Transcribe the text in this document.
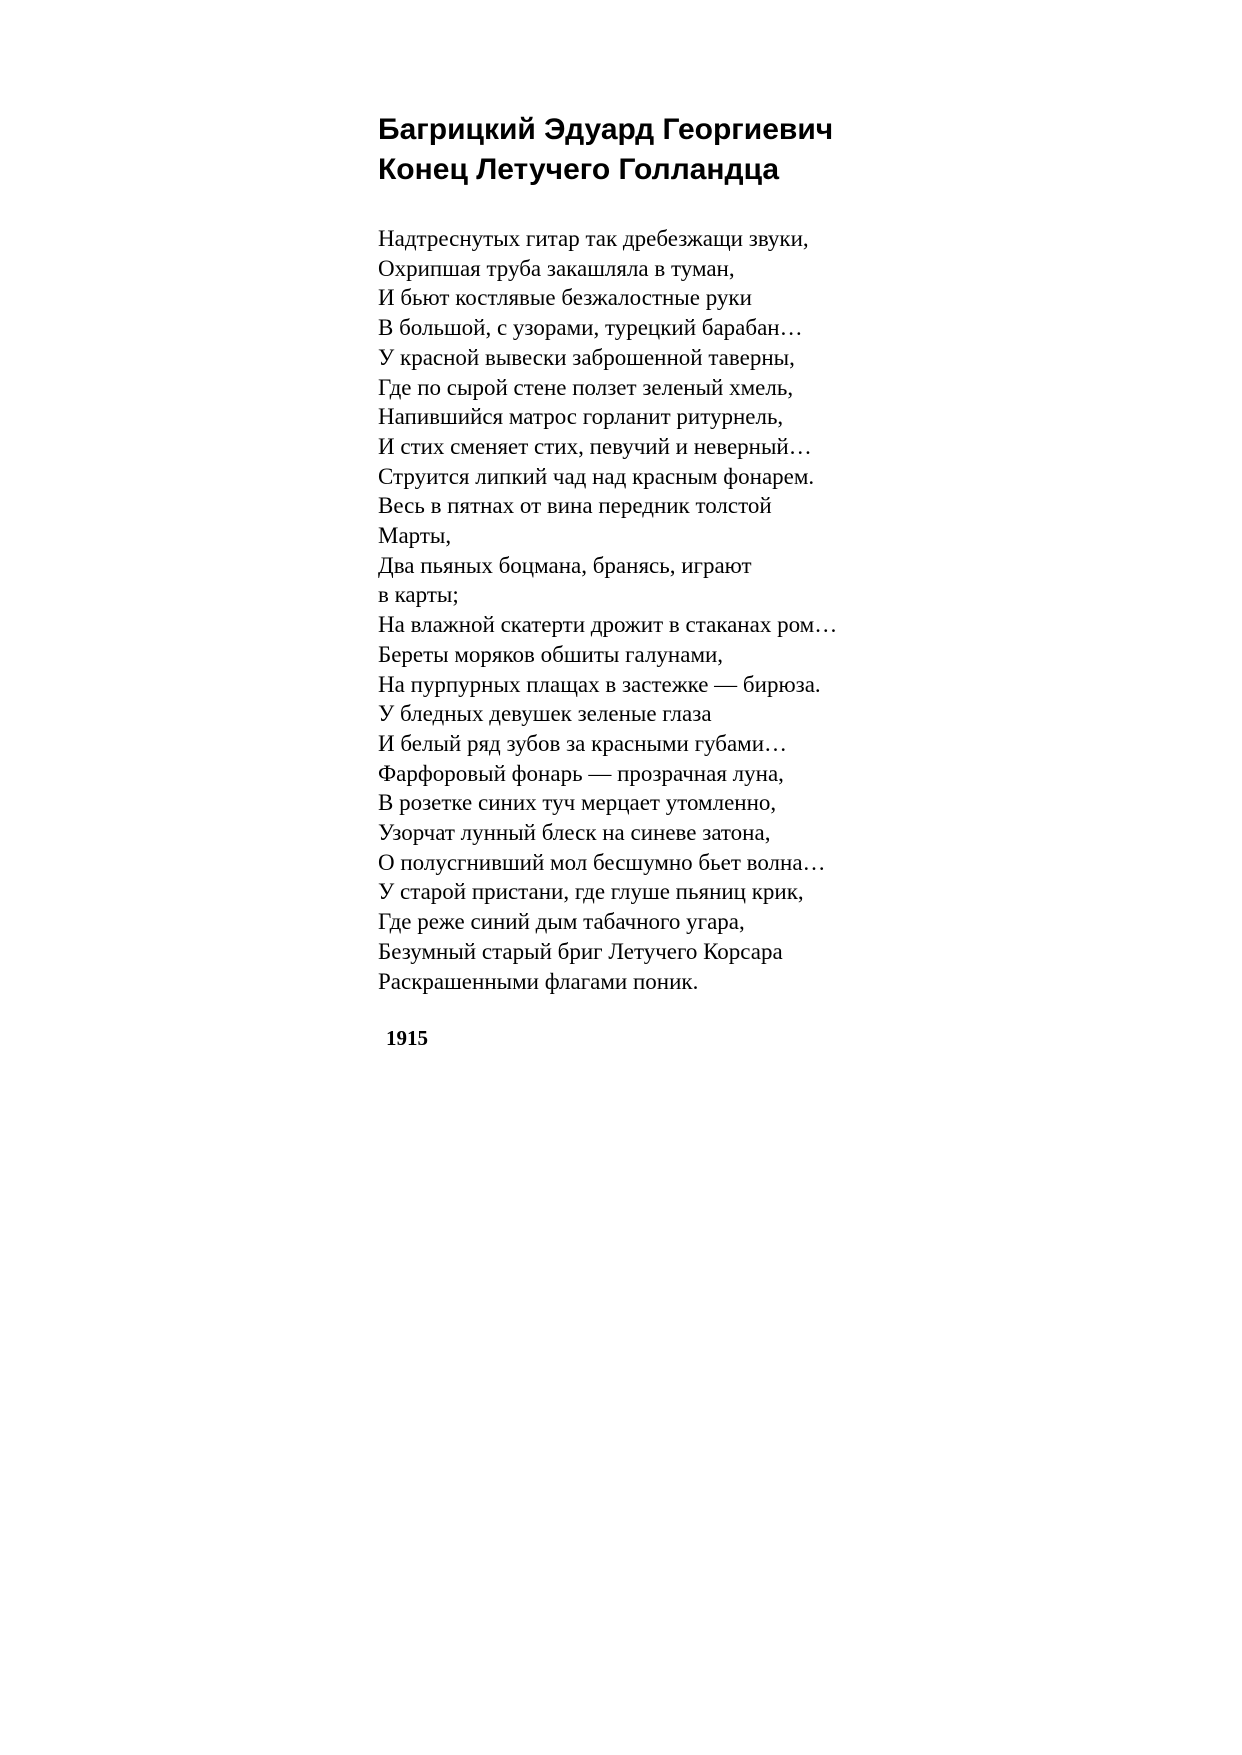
Багрицкий Эдуард Георгиевич
Конец Летучего Голландца
Надтреснутых гитар так дребезжащи звуки,
Охрипшая труба закашляла в туман,
И бьют костлявые безжалостные руки
В большой, с узорами, турецкий барабан…
У красной вывески заброшенной таверны,
Где по сырой стене ползет зеленый хмель,
Напившийся матрос горланит ритурнель,
И стих сменяет стих, певучий и неверный…
Струится липкий чад над красным фонарем.
Весь в пятнах от вина передник толстой
Марты,
Два пьяных боцмана, бранясь, играют
в карты;
На влажной скатерти дрожит в стаканах ром…
Береты моряков обшиты галунами,
На пурпурных плащах в застежке — бирюза.
У бледных девушек зеленые глаза
И белый ряд зубов за красными губами…
Фарфоровый фонарь — прозрачная луна,
В розетке синих туч мерцает утомленно,
Узорчат лунный блеск на синеве затона,
О полусгнивший мол бесшумно бьет волна…
У старой пристани, где глуше пьяниц крик,
Где реже синий дым табачного угара,
Безумный старый бриг Летучего Корсара
Раскрашенными флагами поник.
1915
